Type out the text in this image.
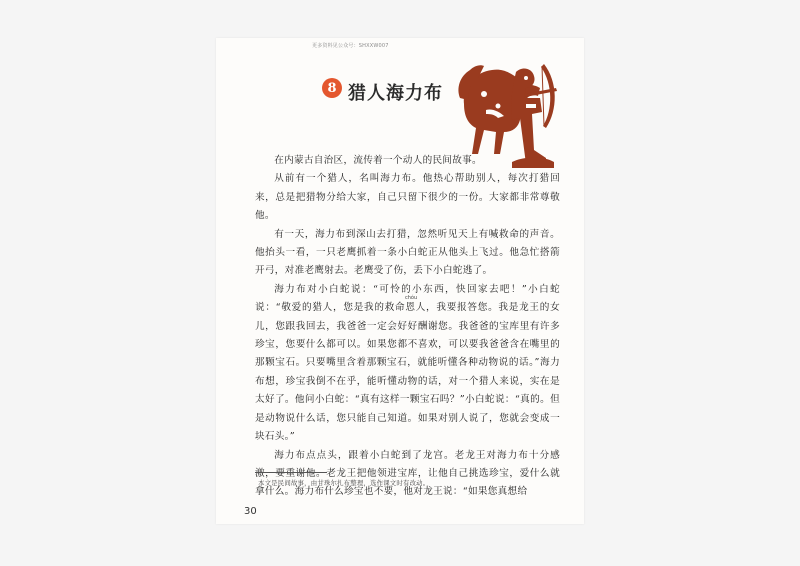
更多资料见公众号：SHXXW007
8 猎人海力布

在内蒙古自治区，流传着一个动人的民间故事。

从前有一个猎人，名叫海力布。他热心帮助别人，每次打猎回来，总是把猎物分给大家，自己只留下很少的一份。大家都非常尊敬他。

有一天，海力布到深山去打猎，忽然听见天上有喊救命的声音。他抬头一看，一只老鹰抓着一条小白蛇正从他头上飞过。他急忙搭箭开弓，对准老鹰射去。老鹰受了伤，丢下小白蛇逃了。

海力布对小白蛇说：“可怜的小东西，快回家去吧！”小白蛇说：“敬爱的猎人，您是我的救命恩人，我要报答您。我是龙王的女儿，您跟我回去，我爸爸一定会好好酬谢您。我爸爸的宝库里有许多珍宝，您要什么都可以。如果您都不喜欢，可以要我爸爸含在嘴里的那颗宝石。只要嘴里含着那颗宝石，就能听懂各种动物说的话。”海力布想，珍宝我倒不在乎，能听懂动物的话，对一个猎人来说，实在是太好了。他问小白蛇：“真有这样一颗宝石吗？”小白蛇说：“真的。但是动物说什么话，您只能自己知道。如果对别人说了，您就会变成一块石头。”

海力布点点头，跟着小白蛇到了龙宫。老龙王对海力布十分感激，要重谢他。老龙王把他领进宝库，让他自己挑选珍宝，爱什么就拿什么。海力布什么珍宝也不要，他对龙王说：“如果您真想给

chóu
本文是民间故事，由甘珠尔扎布整理，选作课文时有改动。
30
